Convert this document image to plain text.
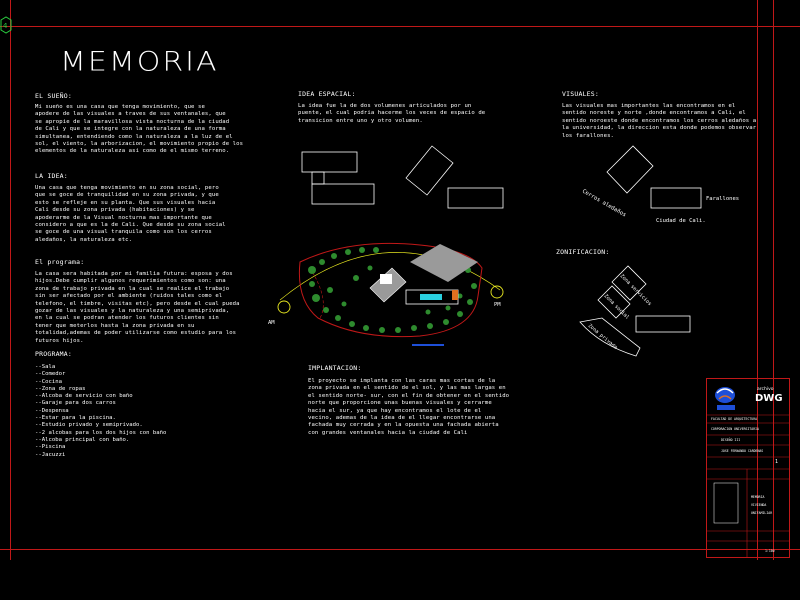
4
MEMORIA
EL SUEÑO:
Mi sueño es una casa que tenga movimiento, que se
apodere de las visuales a traves de sus ventanales, que
se apropie de la maravillosa vista nocturna de la ciudad
de Cali y que se integre con la naturaleza de una forma
simultanea, entendiendo como la naturaleza a la luz de el
sol, el viento, la arborizacion, el movimiento propio de los
elementos de la naturaleza asi como de el mismo terreno.
LA IDEA:
Una casa que tenga movimiento en su zona social, pero
que se goce de tranquilidad en su zona privada, y que
esto se refleje en su planta. Que sus visuales hacia
Cali desde su zona privada (habitaciones) y se
apoderarme de la Visual nocturna mas importante que
considero a que es la de Cali. Que desde su zona social
se goce de una visual tranquila como son los cerros
aledaños, la naturaleza etc.
El programa:
La casa sera habitada por mi familia futura: esposa y dos
hijos.Debe cumplir algunos requerimientos como son: una
zona de trabajo privada en la cual se realice el trabajo
sin ser afectado por el ambiente (ruidos tales como el
telefono, el timbre, visitas etc), pero desde el cual pueda
gozar de las visuales y la naturaleza y una semiprivada,
en la cual se podran atender los futuros clientes sin
tener que meterlos hasta la zona privada en su
totalidad,ademas de poder utilizarse como estudio para los
futuros hijos.
PROGRAMA:
--Sala
--Comedor
--Cocina
--Zona de ropas
--Alcoba de servicio con baño
--Garaje para dos carros
--Despensa
--Estar para la piscina.
--Estudio privado y semiprivado.
--2 alcobas para los dos hijos con baño
--Alcoba principal con baño.
--Piscina
--Jacuzzi
IDEA ESPACIAL:
La idea fue la de dos volumenes articulados por un
puente, el cual podria hacerme los veces de espacio de
transicion entre uno y otro volumen.
VISUALES:
Las visuales mas importantes las encontramos en el
sentido noreste y norte ,donde encontramos a Cali, el
sentido noroeste donde encontramos los cerros aledaños a
la universidad, la direccion esta donde podemos observar
los farallones.
ZONIFICACION:
IMPLANTACION:
El proyecto se implanta con las caras mas cortas de la
zona privada en el sentido de el sol, y las mas largas en
el sentido norte- sur, con el fin de obtener en el sentido
norte que proporcione unas buenas visuales y cerrarme
hacia el sur, ya que hay encontramos el lote de el
vecino, ademas de la idea de el llegar encontrarse una
fachada muy cerrada y en la opuesta una fachada abierta
con grandes ventanales hacia la ciudad de Cali
Cerros aledaños	Farallones
Ciudad de Cali.
Zona servicios
Zona social
Zona privada
AM
PM
archivo
DWG
FACULTAD DE ARQUITECTURA
CORPORACION UNIVERSITARIA
DISEÑO III
JOSE FERNANDO CARDENAS
1
MEMORIA
VIVIENDA
UNIFAMILIAR
1:100
